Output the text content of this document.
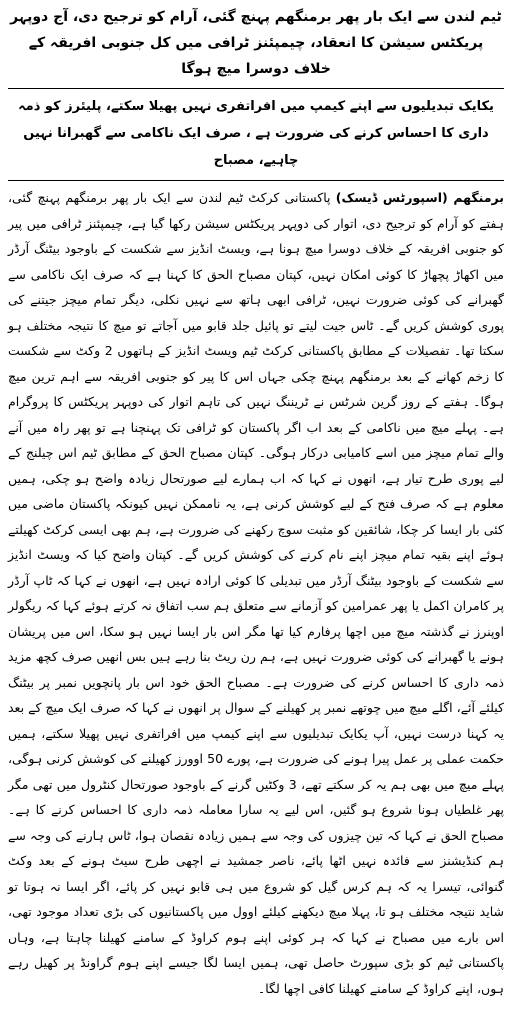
ٹیم لندن سے ایک بار پھر برمنگھم پہنچ گئی، آرام کو ترجیح دی، آج دوپہر پریکٹس سیشن کا انعقاد، چیمپئنز ٹرافی میں کل جنوبی افریقہ کے خلاف دوسرا میچ ہوگا
یکایک تبدیلیوں سے اپنے کیمپ میں افراتفری نہیں پھیلا سکتے، پلیئرز کو ذمہ داری کا احساس کرنے کی ضرورت ہے ، صرف ایک ناکامی سے گھبرانا نہیں چاہیے، مصباح

برمنگھم (اسپورٹس ڈیسک) پاکستانی کرکٹ ٹیم لندن سے ایک بار پھر برمنگھم پہنچ گئی، ہفتے کو آرام کو ترجیح دی، اتوار کی دوپہر پریکٹس سیشن رکھا گیا ہے، چیمپئنز ٹرافی میں پیر کو جنوبی افریقہ کے خلاف دوسرا میچ ہونا ہے، ویسٹ انڈیز سے شکست کے باوجود بیٹنگ آرڈر میں اکھاڑ پچھاڑ کا کوئی امکان نہیں، کپتان مصباح الحق کا کہنا ہے کہ صرف ایک ناکامی سے گھبرانے کی کوئی ضرورت نہیں، ٹرافی ابھی ہاتھ سے نہیں نکلی، دیگر تمام میچز جیتنے کی پوری کوشش کریں گے۔ ٹاس جیت لیتے تو پائیل جلد قابو میں آجاتے تو میچ کا نتیجہ مختلف ہو سکتا تھا۔ تفصیلات کے مطابق پاکستانی کرکٹ ٹیم ویسٹ انڈیز کے ہاتھوں 2 وکٹ سے شکست کا زخم کھانے کے بعد برمنگھم پہنچ چکی جہاں اس کا پیر کو جنوبی افریقہ سے اہم ترین میچ ہوگا۔ ہفتے کے روز گرین شرٹس نے ٹریننگ نہیں کی تاہم اتوار کی دوپہر پریکٹس کا پروگرام ہے۔ پہلے میچ میں ناکامی کے بعد اب اگر پاکستان کو ٹرافی تک پہنچنا ہے تو پھر راہ میں آنے والے تمام میچز میں اسے کامیابی درکار ہوگی۔ کپتان مصباح الحق کے مطابق ٹیم اس چیلنج کے لیے پوری طرح تیار ہے، انھوں نے کہا کہ اب ہمارے لیے صورتحال زیادہ واضح ہو چکی، ہمیں معلوم ہے کہ صرف فتح کے لیے کوشش کرنی ہے، یہ ناممکن نہیں کیونکہ پاکستان ماضی میں کئی بار ایسا کر چکا، شائقین کو مثبت سوچ رکھنے کی ضرورت ہے، ہم بھی ایسی کرکٹ کھیلتے ہوئے اپنے بقیہ تمام میچز اپنے نام کرنے کی کوشش کریں گے۔ کپتان واضح کیا کہ ویسٹ انڈیز سے شکست کے باوجود بیٹنگ آرڈر میں تبدیلی کا کوئی ارادہ نہیں ہے، انھوں نے کہا کہ ٹاپ آرڈر پر کامران اکمل یا پھر عمرامین کو آزمانے سے متعلق ہم سب اتفاق نہ کرتے ہوئے کہا کہ ریگولر اوپنرز نے گذشتہ میچ میں اچھا پرفارم کیا تھا مگر اس بار ایسا نہیں ہو سکا، اس میں پریشان ہونے یا گھبرانے کی کوئی ضرورت نہیں ہے، ہم رن ریٹ بنا رہے ہیں بس انھیں صرف کچھ مزید ذمہ داری کا احساس کرنے کی ضرورت ہے۔ مصباح الحق خود اس بار پانچویں نمبر پر بیٹنگ کیلئے آئے، اگلے میچ میں چوتھے نمبر پر کھیلنے کے سوال پر انھوں نے کہا کہ صرف ایک میچ کے بعد یہ کہنا درست نہیں، آپ یکایک تبدیلیوں سے اپنے کیمپ میں افراتفری نہیں پھیلا سکتے، ہمیں حکمت عملی پر عمل پیرا ہونے کی ضرورت ہے، پورے 50 اوورز کھیلنے کی کوشش کرنی ہوگی، پہلے میچ میں بھی ہم یہ کر سکتے تھے، 3 وکٹیں گرنے کے باوجود صورتحال کنٹرول میں تھی مگر پھر غلطیاں ہونا شروع ہو گئیں، اس لیے یہ سارا معاملہ ذمہ داری کا احساس کرنے کا ہے۔ مصباح الحق نے کہا کہ تین چیزوں کی وجہ سے ہمیں زیادہ نقصان ہوا، ٹاس ہارنے کی وجہ سے ہم کنڈیشنز سے فائدہ نہیں اٹھا پائے، ناصر جمشید نے اچھی طرح سیٹ ہونے کے بعد وکٹ گنوائی، تیسرا یہ کہ ہم کرس گیل کو شروع میں ہی قابو نہیں کر پائے، اگر ایسا نہ ہوتا تو شاید نتیجہ مختلف ہو تا، پہلا میچ دیکھنے کیلئے اوول میں پاکستانیوں کی بڑی تعداد موجود تھی، اس بارے میں مصباح نے کہا کہ ہر کوئی اپنے ہوم کراوڈ کے سامنے کھیلنا چاہتا ہے، وہاں پاکستانی ٹیم کو بڑی سپورٹ حاصل تھی، ہمیں ایسا لگا جیسے اپنے ہوم گراونڈ پر کھیل رہے ہوں، اپنے کراوڈ کے سامنے کھیلنا کافی اچھا لگا۔
